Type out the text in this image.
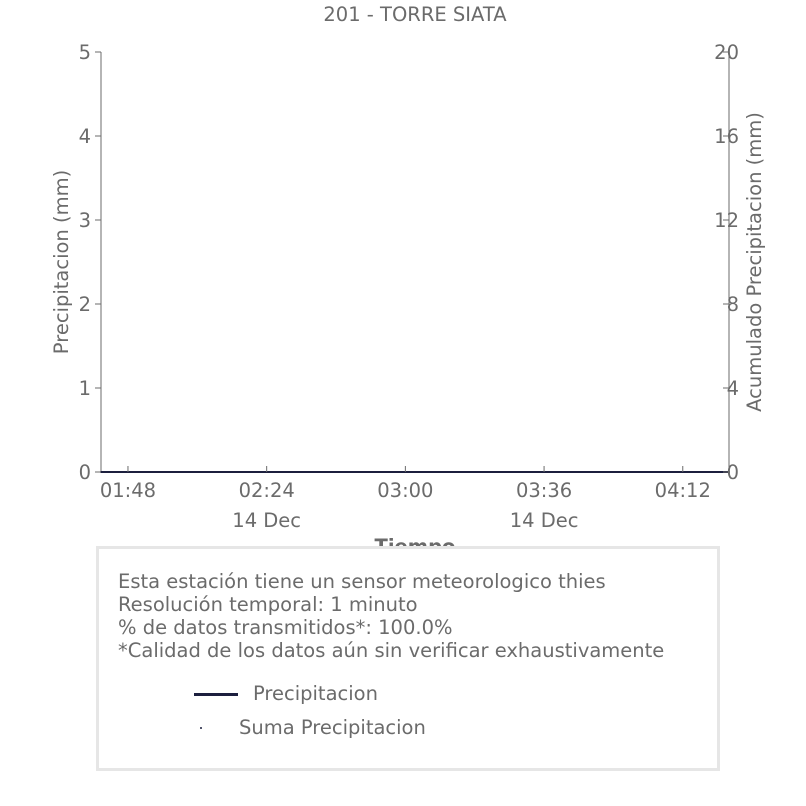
201 - TORRE SIATA
0
1
2
3
4
5
0
4
8
12
16
20
01:48	02:24
14 Dec
03:00	03:36
14 Dec
04:12
Precipitacion (mm)	Acumulado Precipitacion (mm)
Esta estación tiene un sensor meteorologico thies
Resolución temporal: 1 minuto
% de datos transmitidos*: 100.0%
*Calidad de los datos aún sin verificar exhaustivamente
Precipitacion
Suma Precipitacion
